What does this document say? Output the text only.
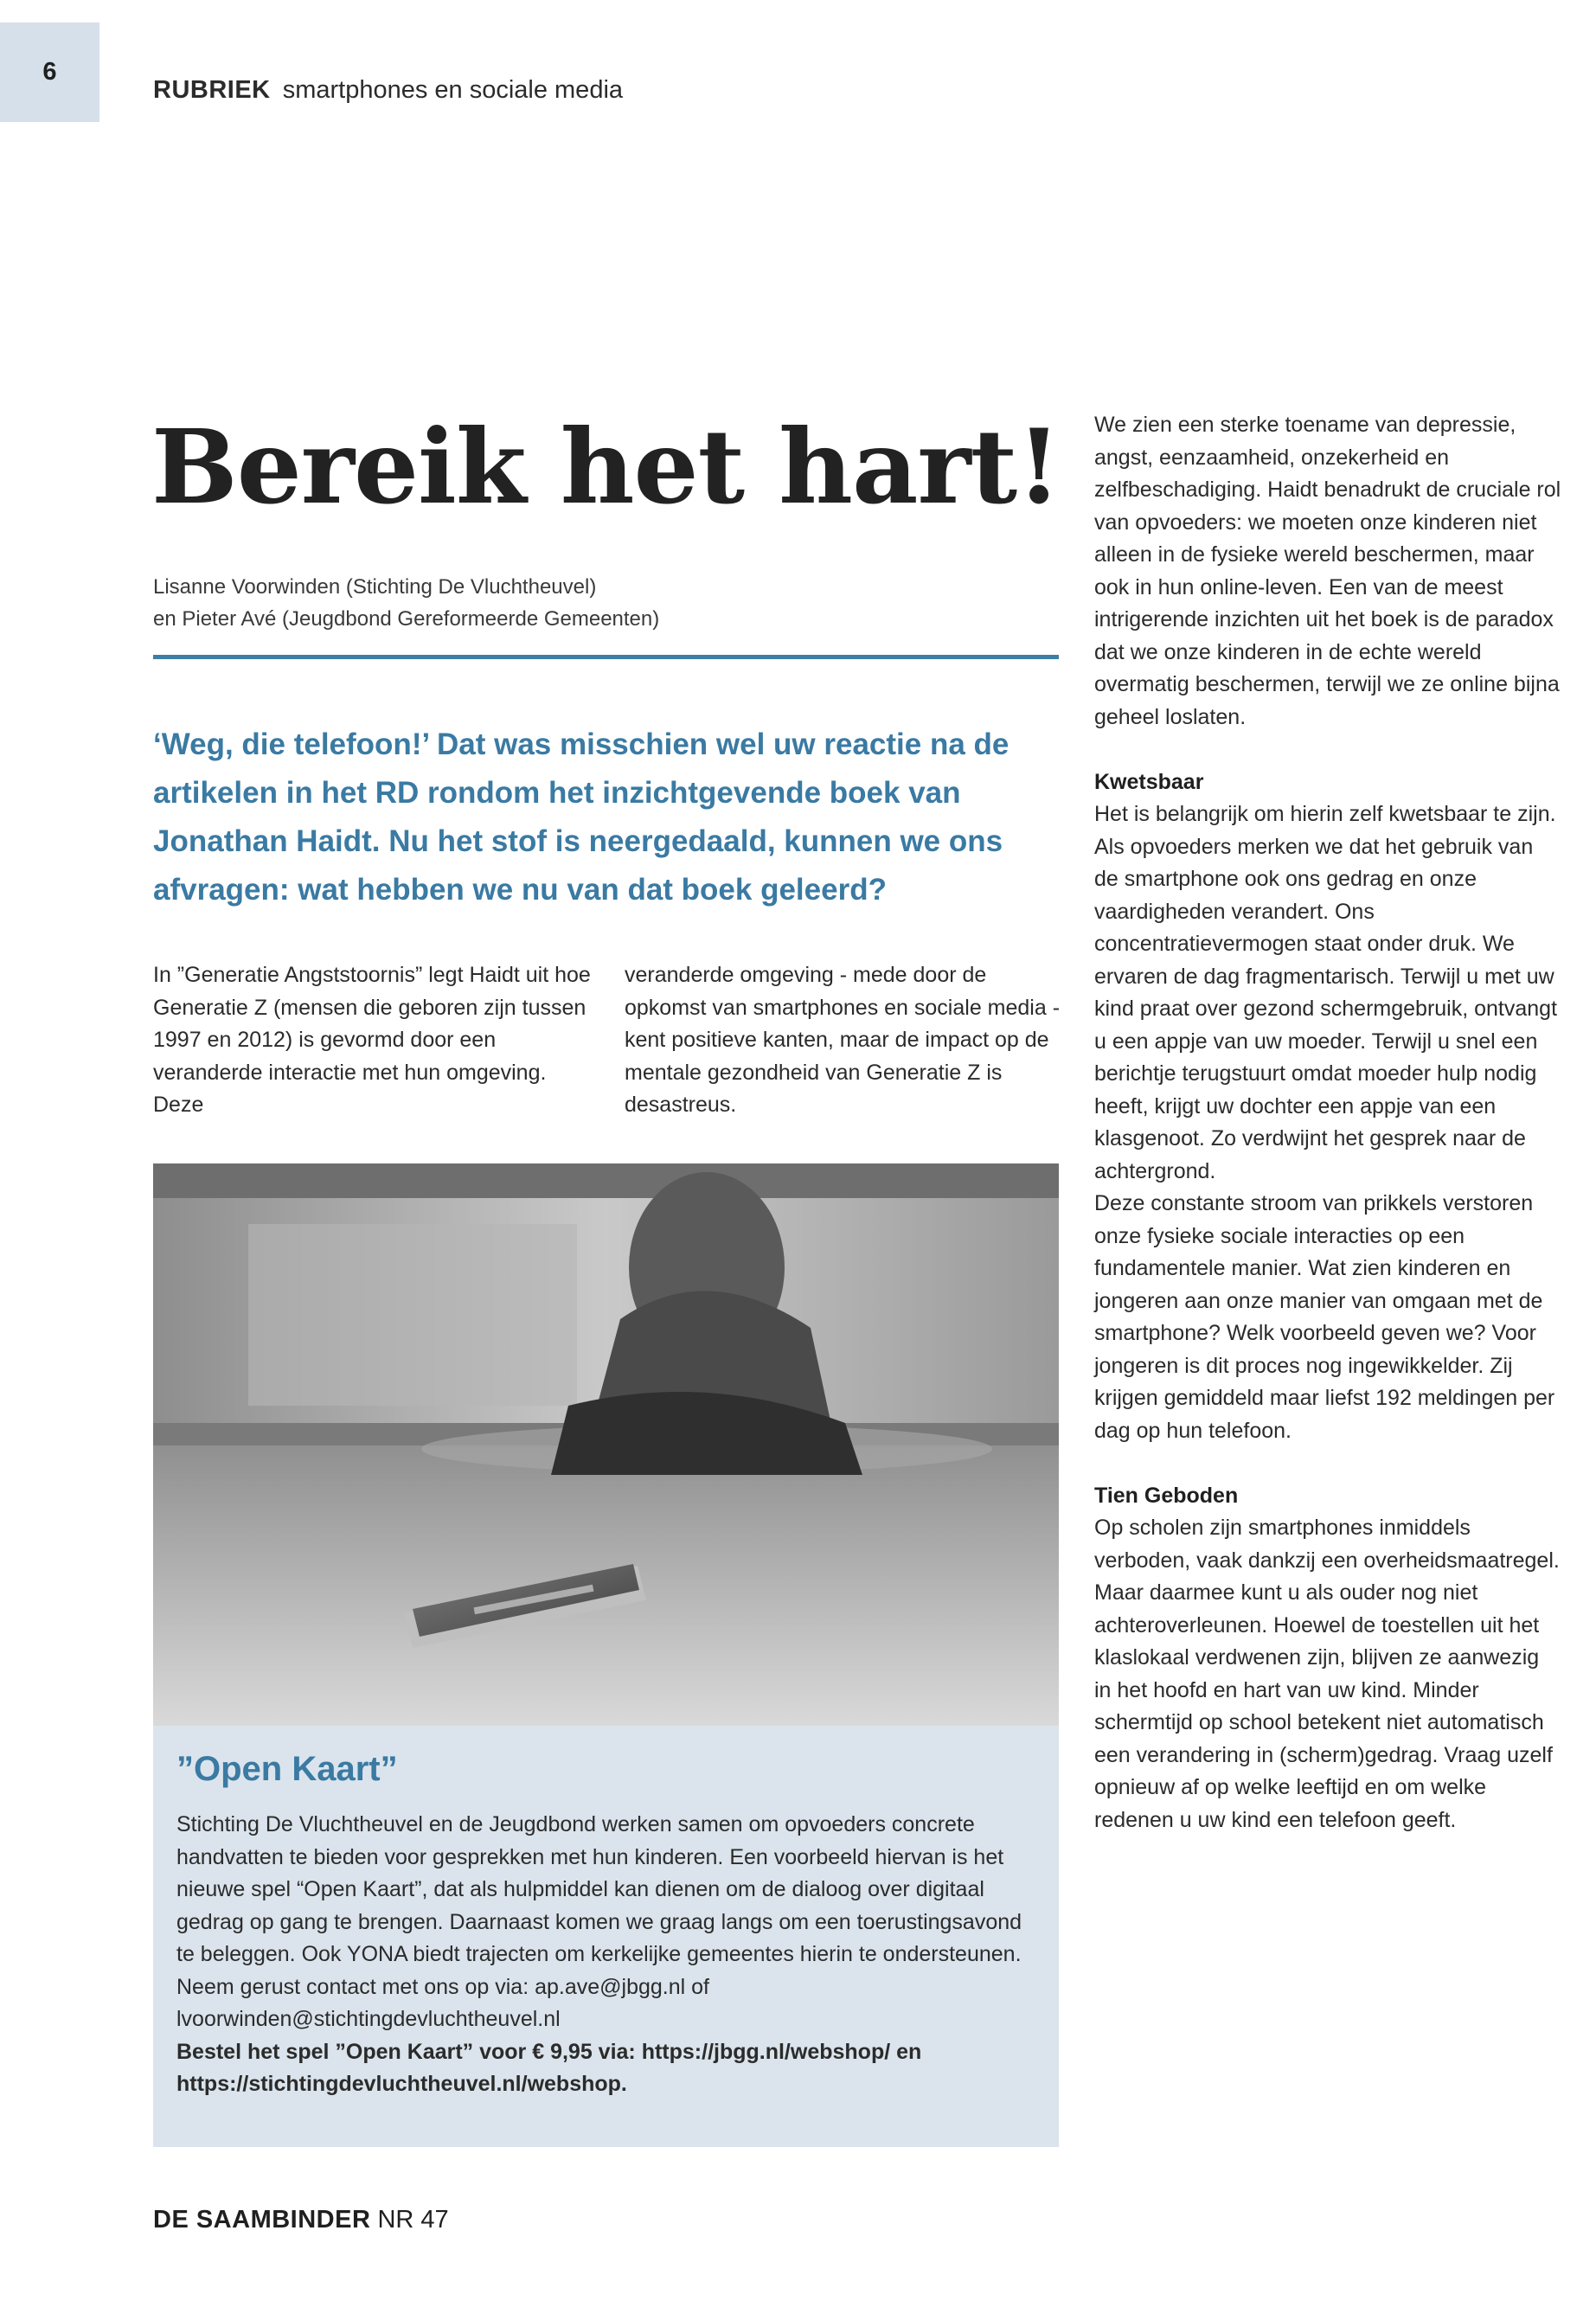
6
RUBRIEK smartphones en sociale media
Bereik het hart!
Lisanne Voorwinden (Stichting De Vluchtheuvel)
en Pieter Avé (Jeugdbond Gereformeerde Gemeenten)

‘Weg, die telefoon!’ Dat was misschien wel uw reactie na de artikelen in het RD rondom het inzichtgevende boek van Jonathan Haidt. Nu het stof is neergedaald, kunnen we ons afvragen: wat hebben we nu van dat boek geleerd?

In ”Generatie Angststoornis” legt Haidt uit hoe Generatie Z (mensen die geboren zijn tussen 1997 en 2012) is gevormd door een veranderde interactie met hun omgeving. Deze

veranderde omgeving - mede door de opkomst van smartphones en sociale media - kent positieve kanten, maar de impact op de mentale gezondheid van Generatie Z is desastreus.

”Open Kaart”

Stichting De Vluchtheuvel en de Jeugdbond werken samen om opvoeders concrete handvatten te bieden voor gesprekken met hun kinderen. Een voorbeeld hiervan is het nieuwe spel “Open Kaart”, dat als hulpmiddel kan dienen om de dialoog over digitaal gedrag op gang te brengen. Daarnaast komen we graag langs om een toerustingsavond te beleggen. Ook YONA biedt trajecten om kerkelijke gemeentes hierin te ondersteunen. Neem gerust contact met ons op via: ap.ave@jbgg.nl of lvoorwinden@stichtingdevluchtheuvel.nl

Bestel het spel ”Open Kaart” voor € 9,95 via: https://jbgg.nl/webshop/ en https://stichtingdevluchtheuvel.nl/webshop.

We zien een sterke toename van depressie, angst, eenzaamheid, onzekerheid en zelfbeschadiging. Haidt benadrukt de cruciale rol van opvoeders: we moeten onze kinderen niet alleen in de fysieke wereld beschermen, maar ook in hun online-leven. Een van de meest intrigerende inzichten uit het boek is de paradox dat we onze kinderen in de echte wereld overmatig beschermen, terwijl we ze online bijna geheel loslaten.

Kwetsbaar

Het is belangrijk om hierin zelf kwetsbaar te zijn. Als opvoeders merken we dat het gebruik van de smartphone ook ons gedrag en onze vaardigheden verandert. Ons concentratievermogen staat onder druk. We ervaren de dag fragmentarisch. Terwijl u met uw kind praat over gezond schermgebruik, ontvangt u een appje van uw moeder. Terwijl u snel een berichtje terugstuurt omdat moeder hulp nodig heeft, krijgt uw dochter een appje van een klasgenoot. Zo verdwijnt het gesprek naar de achtergrond.

Deze constante stroom van prikkels verstoren onze fysieke sociale interacties op een fundamentele manier. Wat zien kinderen en jongeren aan onze manier van omgaan met de smartphone? Welk voorbeeld geven we? Voor jongeren is dit proces nog ingewikkelder. Zij krijgen gemiddeld maar liefst 192 meldingen per dag op hun telefoon.

Tien Geboden

Op scholen zijn smartphones inmiddels verboden, vaak dankzij een overheidsmaatregel. Maar daarmee kunt u als ouder nog niet achteroverleunen. Hoewel de toestellen uit het klaslokaal verdwenen zijn, blijven ze aanwezig in het hoofd en hart van uw kind. Minder schermtijd op school betekent niet automatisch een verandering in (scherm)gedrag. Vraag uzelf opnieuw af op welke leeftijd en om welke redenen u uw kind een telefoon geeft.

DE SAAMBINDER NR 47
